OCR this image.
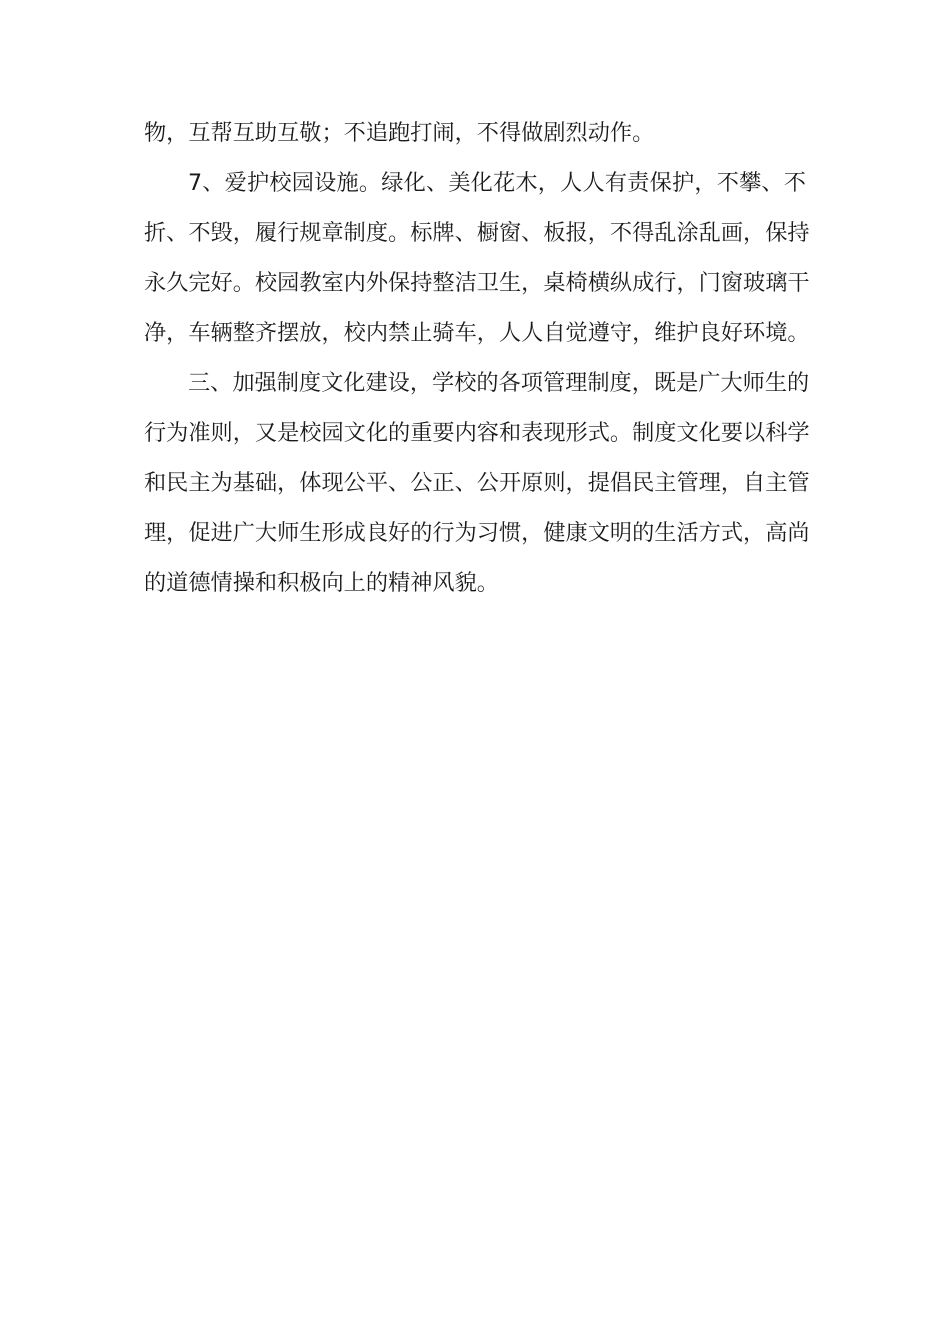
物，互帮互助互敬；不追跑打闹，不得做剧烈动作。

7、爱护校园设施。绿化、美化花木，人人有责保护，不攀、不
折、不毁，履行规章制度。标牌、橱窗、板报，不得乱涂乱画，保持
永久完好。校园教室内外保持整洁卫生，桌椅横纵成行，门窗玻璃干
净，车辆整齐摆放，校内禁止骑车，人人自觉遵守，维护良好环境。

三、加强制度文化建设，学校的各项管理制度，既是广大师生的
行为准则，又是校园文化的重要内容和表现形式。制度文化要以科学
和民主为基础，体现公平、公正、公开原则，提倡民主管理，自主管
理，促进广大师生形成良好的行为习惯，健康文明的生活方式，高尚
的道德情操和积极向上的精神风貌。
